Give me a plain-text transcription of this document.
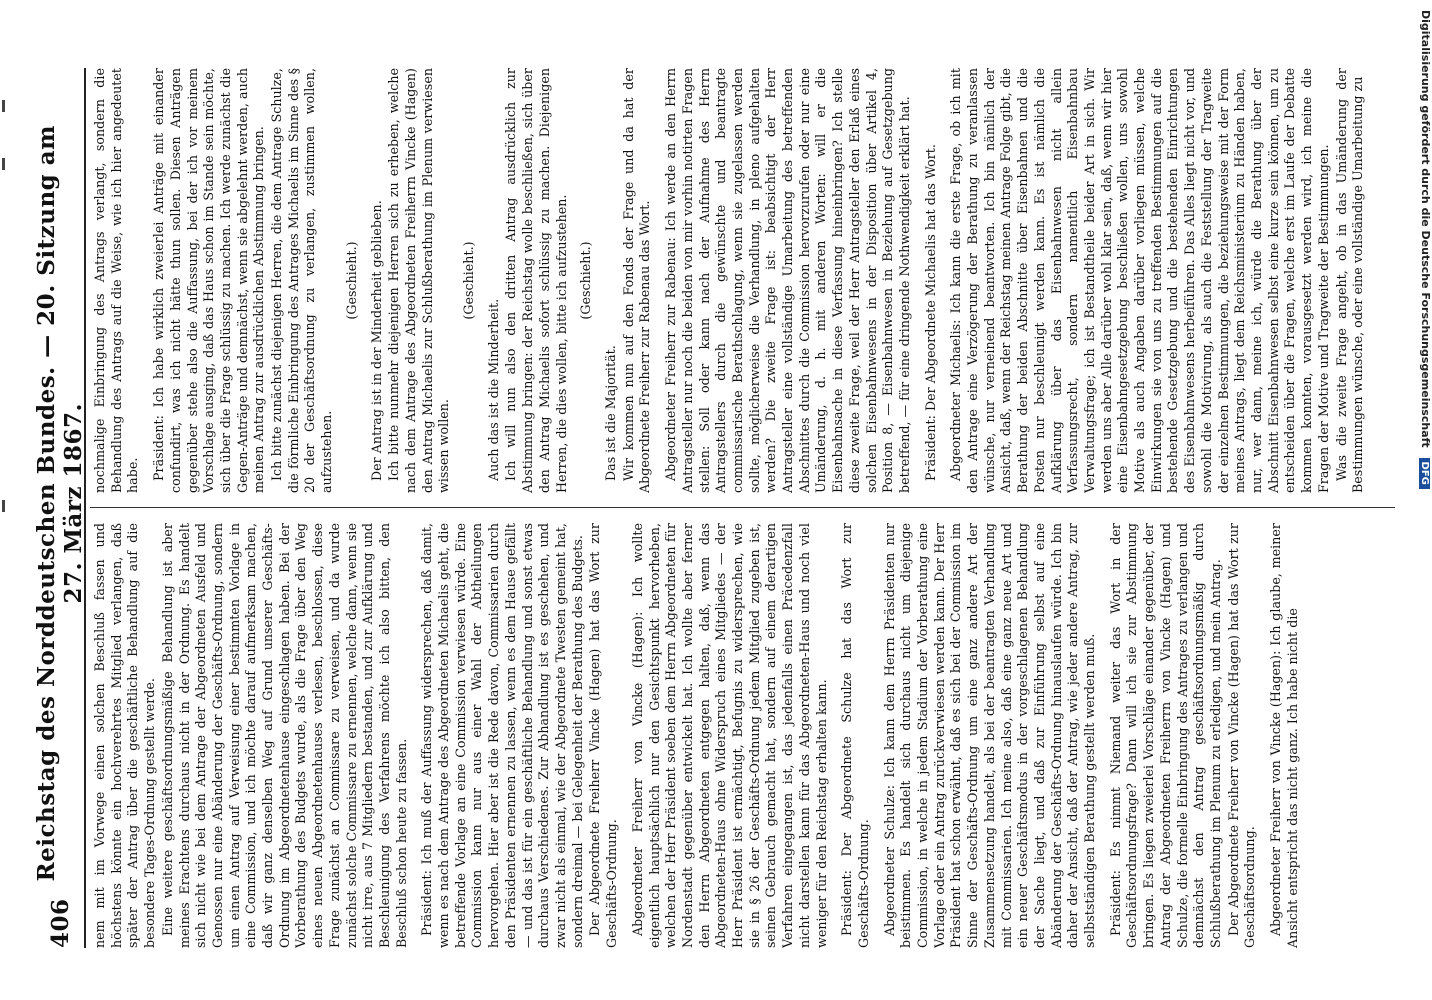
406
Reichstag des Norddeutschen Bundes. — 20. Sitzung am 27. März 1867.

nem mit im Vorwege einen solchen Beschluß fassen und höchstens könnte ein hochverehrtes Mitglied verlangen, daß später der Antrag über die geschäftliche Behandlung auf die besondere Tages-Ordnung gestellt werde. Eine weitere geschäftsordnungsmäßige Behandlung ist aber meines Erachtens durchaus nicht in der Ordnung. Es handelt sich nicht wie bei dem Antrage der Abgeordneten Ausfeld und Genossen nur eine Abänderung der Geschäfts-Ordnung, sondern um einen Antrag auf Verweisung einer bestimmten Vorlage in eine Commission, und ich möchte darauf aufmerksam machen, daß wir ganz denselben Weg auf Grund unserer Geschäfts-Ordnung im Abgeordnetenhause eingeschlagen haben. Bei der Vorberathung des Budgets wurde, als die Frage über den Weg eines neuen Abgeordnetenhauses verlesen, beschlossen, diese Frage zunächst an Commissare zu verweisen, und da wurde zunächst solche Commissare zu ernennen, welche dann, wenn sie nicht irre, aus 7 Mitgliedern bestanden, und zur Aufklärung und Beschleunigung des Verfahrens möchte ich also bitten, den Beschluß schon heute zu fassen. Präsident: Ich muß der Auffassung widersprechen, daß damit, wenn es nach dem Antrage des Abgeordneten Michaelis geht, die betreffende Vorlage an eine Commission verwiesen würde. Eine Commission kann nur aus einer Wahl der Abtheilungen hervorgehen. Hier aber ist die Rede davon, Commissarien durch den Präsidenten ernennen zu lassen, wenn es dem Hause gefällt — und das ist für ein geschäftliche Behandlung und sonst etwas durchaus Verschiedenes. Zur Abhandlung ist es geschehen, und zwar nicht als einmal, wie der Abgeordnete Twesten gemeint hat, sondern dreimal — bei Gelegenheit der Berathung des Budgets. Der Abgeordnete Freiherr Vincke (Hagen) hat das Wort zur Geschäfts-Ordnung. Abgeordneter Freiherr von Vincke (Hagen): Ich wollte eigentlich hauptsächlich nur den Gesichtspunkt hervorheben, welchen der Herr Präsident soeben dem Herrn Abgeordneten für Nordenstadt gegenüber entwickelt hat. Ich wollte aber ferner den Herrn Abgeordneten entgegen halten, daß, wenn das Abgeordneten-Haus ohne Widerspruch eines Mitgliedes — der Herr Präsident ist ermächtigt, Befugnis zu widersprechen, wie sie in § 26 der Geschäfts-Ordnung jedem Mitglied zugeben ist, seinen Gebrauch gemacht hat, sondern auf einem derartigen Verfahren eingegangen ist, das jedenfalls einen Präcedenzfall nicht darstellen kann für das Abgeordneten-Haus und noch viel weniger für den Reichstag erhalten kann. Präsident: Der Abgeordnete Schulze hat das Wort zur Geschäfts-Ordnung. Abgeordneter Schulze: Ich kann dem Herrn Präsidenten nur beistimmen. Es handelt sich durchaus nicht um diejenige Commission, in welche in jedem Stadium der Vorberathung eine Vorlage oder ein Antrag zurückverwiesen werden kann. Der Herr Präsident hat schon erwähnt, daß es sich bei der Commission im Sinne der Geschäfts-Ordnung um eine ganz andere Art der Zusammensetzung handelt, als bei der beantragten Verhandlung mit Commissarien. Ich meine also, daß eine ganz neue Art und ein neuer Geschäftsmodus in der vorgeschlagenen Behandlung der Sache liegt, und daß zur Einführung selbst auf eine Abänderung der Geschäfts-Ordnung hinauslaufen würde. Ich bin daher der Ansicht, daß der Antrag, wie jeder andere Antrag, zur selbstständigen Berathung gestellt werden muß. Präsident: Es nimmt Niemand weiter das Wort in der Geschäftsordnungsfrage? Dann will ich sie zur Abstimmung bringen. Es liegen zweierlei Vorschläge einander gegenüber, der Antrag der Abgeordneten Freiherrn von Vincke (Hagen) und Schulze, die formelle Einbringung des Antrages zu verlangen und demnächst den Antrag geschäftsordnungsmäßig durch Schlußberathung im Plenum zu erledigen, und mein Antrag. Der Abgeordnete Freiherr von Vincke (Hagen) hat das Wort zur Geschäftsordnung. Abgeordneter Freiherr von Vincke (Hagen): Ich glaube, meiner Ansicht entspricht das nicht ganz. Ich habe nicht die

nochmalige Einbringung des Antrags verlangt, sondern die Behandlung des Antrags auf die Weise, wie ich hier angedeutet habe. Präsident: Ich habe wirklich zweierlei Anträge mit einander confundirt, was ich nicht hätte thun sollen. Diesen Anträgen gegenüber stehe also die Auffassung, bei der ich vor meinem Vorschlage ausging, daß das Haus schon im Stande sein möchte, sich über die Frage schlüssig zu machen. Ich werde zunächst die Gegen-Anträge und demnächst, wenn sie abgelehnt werden, auch meinen Antrag zur ausdrücklichen Abstimmung bringen. Ich bitte zunächst diejenigen Herren, die dem Antrage Schulze, die förmliche Einbringung des Antrages Michaelis im Sinne des § 20 der Geschäftsordnung zu verlangen, zustimmen wollen, aufzustehen.

(Geschieht.) Der Antrag ist in der Minderheit geblieben. Ich bitte nunmehr diejenigen Herren sich zu erheben, welche nach dem Antrage des Abgeordneten Freiherrn Vincke (Hagen) den Antrag Michaelis zur Schlußberathung im Plenum verwiesen wissen wollen.

(Geschieht.)

Auch das ist die Minderheit. Ich will nun also den dritten Antrag ausdrücklich zur Abstimmung bringen: der Reichstag wolle beschließen, sich über den Antrag Michaelis sofort schlüssig zu machen. Diejenigen Herren, die dies wollen, bitte ich aufzustehen. (Geschieht.)

Das ist die Majorität. Wir kommen nun auf den Fonds der Frage und da hat der Abgeordnete Freiherr zur Rabenau das Wort. Abgeordneter Freiherr zur Rabenau: Ich werde an den Herrn Antragsteller nur noch die beiden von mir vorhin notirten Fragen stellen: Soll oder kann nach der Aufnahme des Herrn Antragstellers durch die gewünschte und beantragte commissarische Berathschlagung, wenn sie zugelassen werden sollte, möglicherweise die Verhandlung, in pleno aufgehalten werden? Die zweite Frage ist: beabsichtigt der Herr Antragsteller eine vollständige Umarbeitung des betreffenden Abschnittes durch die Commission hervorzurufen oder nur eine Umänderung, d. h. mit anderen Worten: will er die Eisenbahnsache in diese Verfassung hineinbringen? Ich stelle diese zweite Frage, weil der Herr Antragsteller den Erlaß eines solchen Eisenbahnwesens in der Disposition über Artikel 4, Position 8, — Eisenbahnwesen in Beziehung auf Gesetzgebung betreffend, — für eine dringende Nothwendigkeit erklärt hat. Präsident: Der Abgeordnete Michaelis hat das Wort. Abgeordneter Michaelis: Ich kann die erste Frage, ob ich mit den Antrage eine Verzögerung der Berathung zu veranlassen wünsche, nur verneinend beantworten. Ich bin nämlich der Ansicht, daß, wenn der Reichstag meinen Antrage Folge gibt, die Berathung der beiden Abschnitte über Eisenbahnen und die Posten nur beschleunigt werden kann. Es ist nämlich die Aufklärung über das Eisenbahnwesen nicht allein Verfassungsrecht, sondern namentlich Eisenbahnbau Verwaltungsfrage; ich ist Bestandtheile beider Art in sich. Wir werden uns aber Alle darüber wohl klar sein, daß, wenn wir hier eine Eisenbahngesetzgebung beschließen wollen, uns sowohl Motive als auch Angaben darüber vorliegen müssen, welche Einwirkungen sie von uns zu treffenden Bestimmungen auf die bestehende Gesetzgebung und die bestehenden Einrichtungen des Eisenbahnwesens herbeiführen. Das Alles liegt nicht vor, und sowohl die Motivirung, als auch die Feststellung der Tragweite der einzelnen Bestimmungen, die beziehungsweise mit der Form meines Antrags, liegt dem Reichsministerium zu Händen haben, nur, wer dann, meine ich, würde die Berathung über der Abschnitt Eisenbahnwesen selbst eine kurze sein können, um zu entscheiden über die Fragen, welche erst im Laufe der Debatte kommen konnten, vorausgesetzt werden wird, ich meine die Fragen der Motive und Tragweite der Bestimmungen. Was die zweite Frage angeht, ob in das Umänderung der Bestimmungen wünsche, oder eine vollständige Umarbeitung zu	Digitalisierung gefördert durch die Deutsche Forschungsgemeinschaft DFG
